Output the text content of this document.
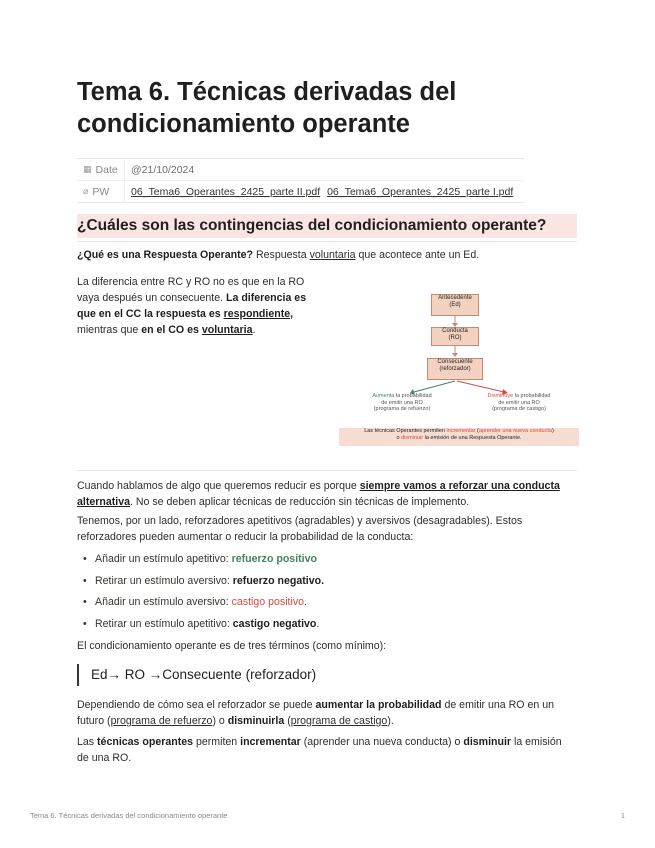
Tema 6. Técnicas derivadas del
condicionamiento operante
▦ Date	@21/10/2024
⌀ PW	06_Tema6_Operantes_2425_parte II.pdf 06_Tema6_Operantes_2425_parte I.pdf
¿Cuáles son las contingencias del condicionamiento operante?
¿Qué es una Respuesta Operante? Respuesta voluntaria que acontece ante un Ed.
La diferencia entre RC y RO no es que en la RO
vaya después un consecuente. La diferencia es
que en el CC la respuesta es respondiente,
mientras que en el CO es voluntaria.
Antecedente
(Ed)
Conducta
(RO)
Consecuente
(reforzador)
Aumenta la probabilidad
de emitir una RO
(programa de refuerzo)
Disminuye la probabilidad
de emitir una RO
(programa de castigo)
Las técnicas Operantes permiten incrementar (aprender una nueva conducta)
o disminuir la emisión de una Respuesta Operante.
Cuando hablamos de algo que queremos reducir es porque siempre vamos a reforzar una conducta
alternativa. No se deben aplicar técnicas de reducción sin técnicas de implemento.
Tenemos, por un lado, reforzadores apetitivos (agradables) y aversivos (desagradables). Estos
reforzadores pueden aumentar o reducir la probabilidad de la conducta:
• Añadir un estímulo apetitivo: refuerzo positivo
• Retirar un estímulo aversivo: refuerzo negativo.
• Añadir un estímulo aversivo: castigo positivo.
• Retirar un estímulo apetitivo: castigo negativo.
El condicionamiento operante es de tres términos (como mínimo):
Ed→ RO →Consecuente (reforzador)
Dependiendo de cómo sea el reforzador se puede aumentar la probabilidad de emitir una RO en un
futuro (programa de refuerzo) o disminuirla (programa de castigo).
Las técnicas operantes permiten incrementar (aprender una nueva conducta) o disminuir la emisión
de una RO.
Tema 6. Técnicas derivadas del condicionamiento operante	1
